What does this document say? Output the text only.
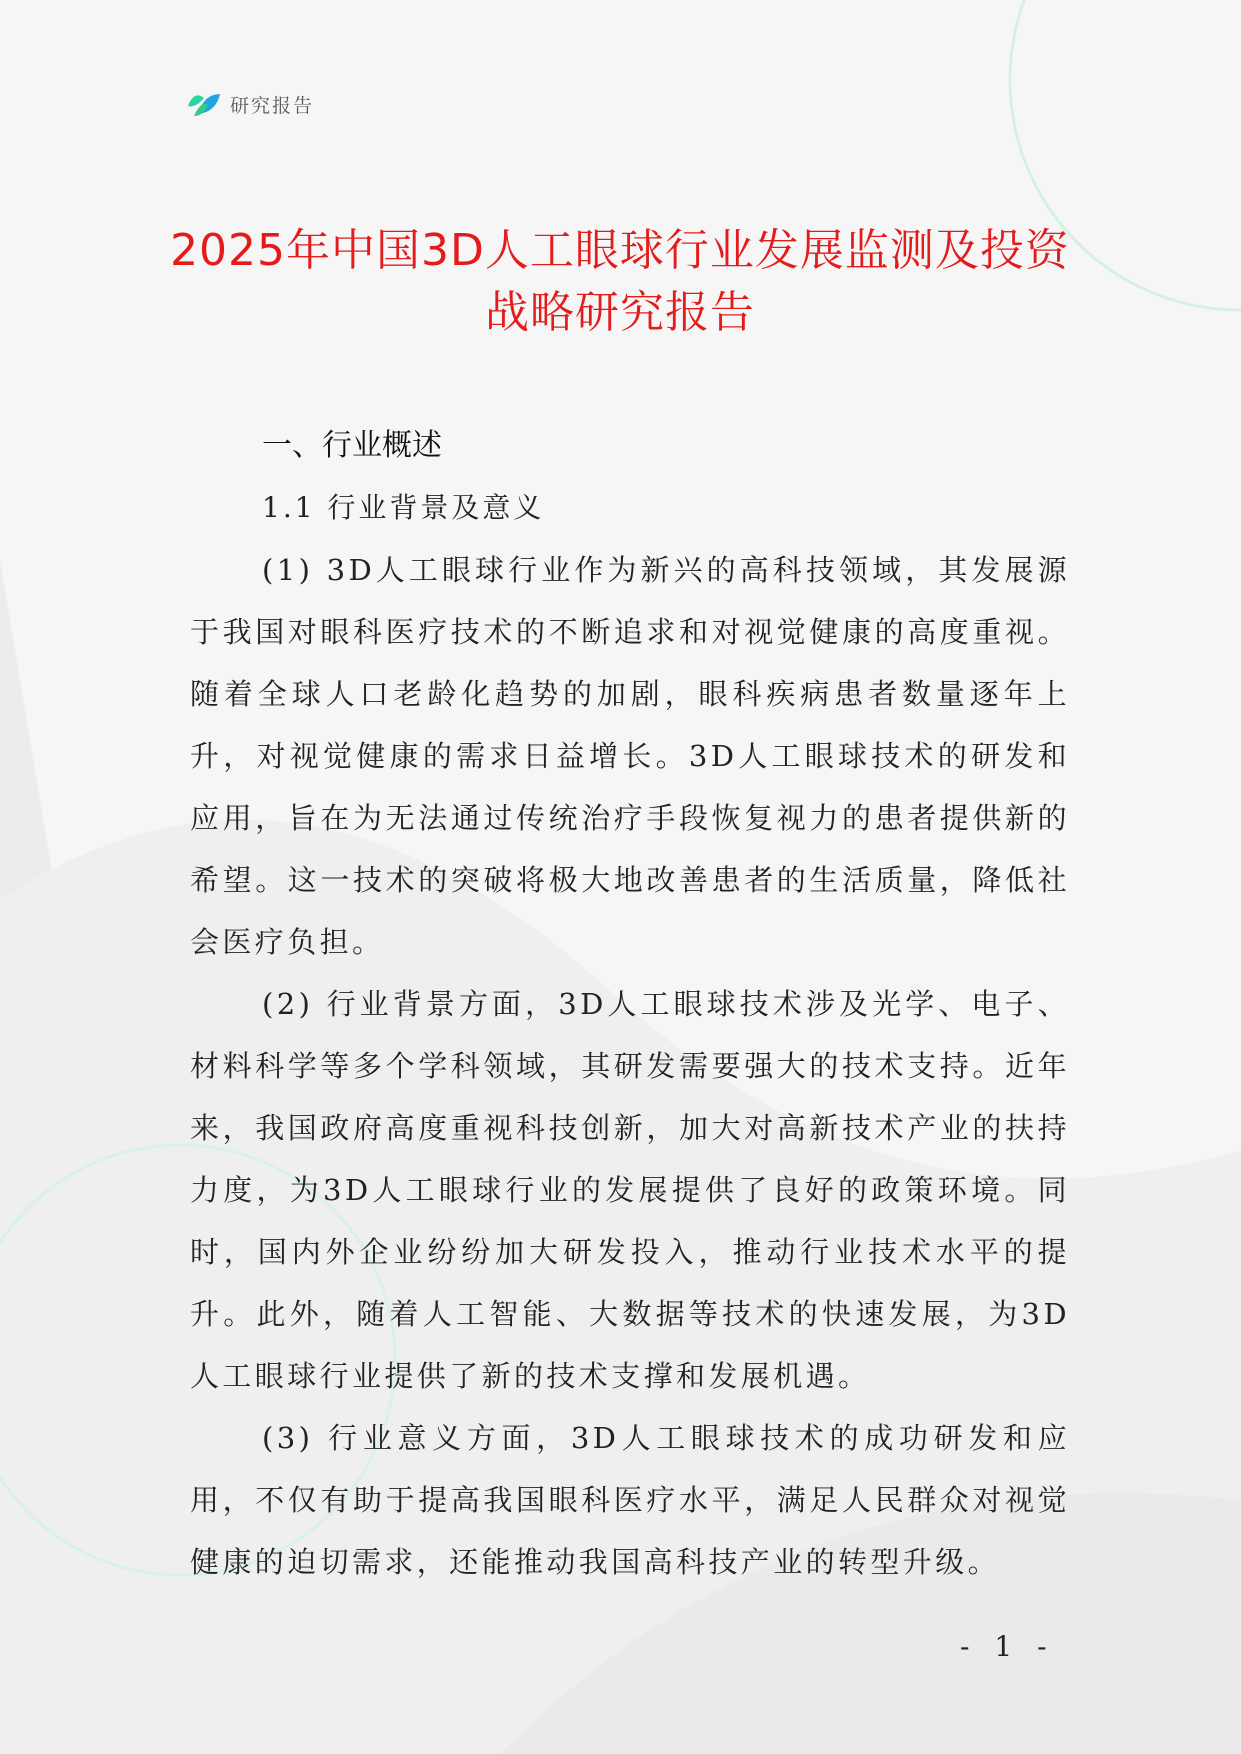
研究报告
2025年中国3D人工眼球行业发展监测及投资战略研究报告
一、行业概述
1.1 行业背景及意义

(1) 3D人工眼球行业作为新兴的高科技领域，其发展源于我国对眼科医疗技术的不断追求和对视觉健康的高度重视。随着全球人口老龄化趋势的加剧，眼科疾病患者数量逐年上升，对视觉健康的需求日益增长。3D人工眼球技术的研发和应用，旨在为无法通过传统治疗手段恢复视力的患者提供新的希望。这一技术的突破将极大地改善患者的生活质量，降低社会医疗负担。

(2) 行业背景方面，3D人工眼球技术涉及光学、电子、材料科学等多个学科领域，其研发需要强大的技术支持。近年来，我国政府高度重视科技创新，加大对高新技术产业的扶持力度，为3D人工眼球行业的发展提供了良好的政策环境。同时，国内外企业纷纷加大研发投入，推动行业技术水平的提升。此外，随着人工智能、大数据等技术的快速发展，为3D人工眼球行业提供了新的技术支撑和发展机遇。

(3) 行业意义方面，3D人工眼球技术的成功研发和应用，不仅有助于提高我国眼科医疗水平，满足人民群众对视觉健康的迫切需求，还能推动我国高科技产业的转型升级。

- 1 -
